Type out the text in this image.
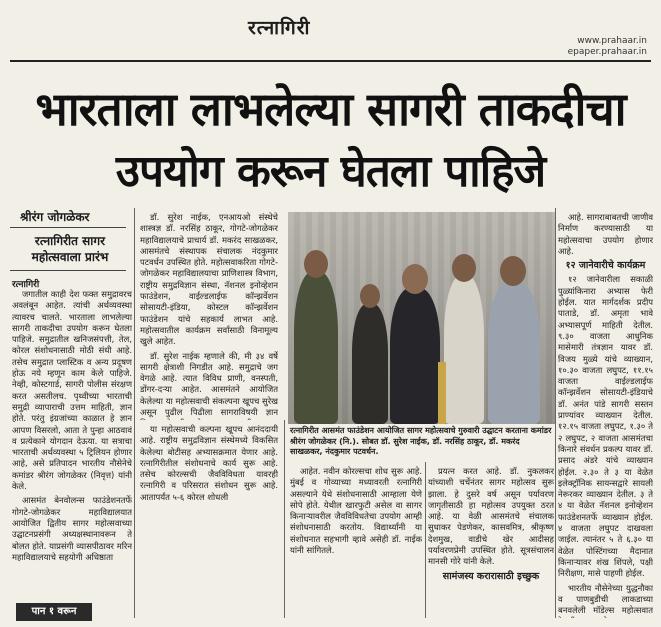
रत्नागिरी
www.prahaar.in
epaper.prahaar.in
भारताला लाभलेल्या सागरी ताकदीचा
उपयोग करून घेतला पाहिजे
श्रीरंग जोगळेकर
रत्नागिरीत सागर महोत्सवाला प्रारंभ
रत्नागिरी

जगातील काही देश फक्त समुद्रावरच अवलंबून आहेत. त्यांची अर्थव्यवस्था त्यावरच चालते. भारताला लाभलेल्या सागरी ताकदीचा उपयोग करून घेतला पाहिजे. समुद्रातील खनिजसंपत्ती, तेल, कोरल संशोधनासाठी मोठी संधी आहे. तसेच समुद्रात प्लास्टिक व अन्य प्रदूषण होऊ नये म्हणून काम केले पाहिजे. नेव्ही, कोस्टगार्ड, सागरी पोलीस संरक्षण करत असतीलच. पृथ्वीच्या भारताची समुद्री व्यापाराची उत्तम माहिती, ज्ञान होते. परंतु इंग्रजांच्या काळात हे ज्ञान आपण विसरलो, आता ते पुन्हा आठवावं व प्रत्येकाने योगदान देऊया. या सत्राचा भारताची अर्थव्यवस्था ५ ट्रिलियन होणार आहे, असे प्रतिपादन भारतीय नौसेनेचे कमांडर श्रीरंग जोगळेकर (निवृत्त) यांनी केले.

आसमंत बेनवोलन्स फाउंडेशनतर्फे गोगटे-जोगळेकर महाविद्यालयात आयोजित द्वितीय सागर महोत्सवाच्या उद्घाटनप्रसंगी अध्यक्षस्थानावरून ते बोलत होते. याप्रसंगी व्यासपीठावर मरिन महाविद्यालयाचे सहयोगी अधिष्ठाता

डॉ. सुरेश नाईक, एनआयओ संस्थेचे शास्त्रज्ञ डॉ. नरसिंह ठाकूर, गोगटे-जोगळेकर महाविद्यालयाचे प्राचार्य डॉ. मकरंद साखळकर, आसमंतचे संस्थापक संचालक नंदकुमार पटवर्धन उपस्थित होते. महोत्सवाकरिता गोगटे-जोगळेकर महाविद्यालयाचा प्राणिशास्त्र विभाग, राष्ट्रीय समुद्रविज्ञान संस्था, नॅशनल इनोव्हेशन फाउंडेशन, वाईल्डलाईफ कॉन्झर्वेशन सोसायटी-इंडिया, कोस्टल कॉन्झर्वेशन फाउंडेशन यांचे सहकार्य लाभत आहे. महोत्सवातील कार्यक्रम सर्वांसाठी विनामूल्य खुले आहेत.

डॉ. सुरेश नाईक म्हणाले की, मी ३४ वर्षे सागरी क्षेत्राशी निगडीत आहे. समुद्राचे जग वेगळे आहे. त्यात विविध प्राणी, वनस्पती, डोंगर-दऱ्या आहेत. आसमंतने आयोजित केलेल्या या महोत्सवाची संकल्पना खूपच सुरेख असून पुढील पिढीला सागराविषयी ज्ञान

या महोत्सवाची कल्पना खूपच आनंददायी आहे. राष्ट्रीय समुद्रविज्ञान संस्थेमध्ये विकसित केलेल्या बोटीसह अभ्यासक्रमात येणार आहे. रत्नागिरीतील संशोधनाचे कार्य सुरू आहे. तसेच कोरल्सची जैवविविधता यावरही रत्नागिरी व परिसरात संशोधन सुरू आहे. आतापर्यंत ५-६ कोरल शोधली

रत्नागिरीत आसमंत फाउंडेशन आयोजित सागर महोत्सवाचे गुरुवारी उद्घाटन करताना कमांडर श्रीरंग जोगळेकर (नि.). सोबत डॉ. सुरेश नाईक, डॉ. नरसिंह ठाकूर, डॉ. मकरंद साखळकर, नंदकुमार पटवर्धन.

आहेत. नवीन कोरल्सचा शोध सुरू आहे. मुंबई व गोव्याच्या मध्यावरती रत्नागिरी असल्याने येथे संशोधनासाठी आम्हाला येणे सोपे होते. येथील खारफुटी असेल वा सागर किनाऱ्यावरील जैवविविधतेचा उपयोग आम्ही संशोधनासाठी करतोय. विद्यार्थ्यांनी या संशोधनात सहभागी व्हावे असेही डॉ. नाईक यांनी सांगितले.

प्रयत्न करत आहे. डॉ. नुकलकर यांच्याशी चर्चेनंतर सागर महोत्सव सुरू झाला. हे दुसरे वर्ष असून पर्यावरण जागृतीसाठी हा महोत्सव उपयुक्त ठरत आहे. या वेळी आसमंतचे संचालक सुधाकर पेडणेकर, कासवमित्र, श्रीकृष्ण देशमुख, वाडीचे खेर आदीसह पर्यावरणप्रेमी उपस्थित होते. सूत्रसंचालन मानसी गोरे यांनी केले.

सामंजस्य करारासाठी इच्छुक

आहे. सागराबाबतची जाणीव निर्माण करण्यासाठी या महोत्सवाचा उपयोग होणार आहे.

१२ जानेवारीचे कार्यक्रम

१२ जानेवारीला सकाळी पुळ्यांकिनारा अभ्यास फेरी होईल. यात मार्गदर्शक प्रदीप पाताडे, डॉ. अमृता भावे अभ्यासपूर्ण माहिती देतील. ९.३० वाजता आधुनिक मासेमारी तंत्रज्ञान यावर डॉ. विजय मुळ्ये यांचे व्याख्यान, १०.३० वाजता लघुपट, ११.१५ वाजता वाईल्डलाईफ कॉन्झर्वेशन सोसायटी-इंडियाचे डॉ. अनंत पांडे सागरी सस्तन प्राण्यांवर व्याख्यान देतील. १२.१५ वाजता लघुपट, १.३० ते २ लघुपट, २ वाजता आसमंतचा किनारे संवर्धन प्रकल्प यावर डॉ. प्रसाद अंडरे यांचे व्याख्यान होईल. २.३० ते ३ या वेळेत इलेक्ट्रॉनिक सायन्सद्वारे सायली नेरूरकर व्याख्यान देतील. ३ ते ४ या वेळेत नॅशनल इनोव्हेशन फाउंडेशनतर्फे व्याख्यान होईल. ४ वाजता लघुपट दाखवला जाईल. त्यानंतर ५ ते ६.३० या वेळेत पोस्टिंगच्या मैदानात किनाऱ्यावर शंख शिंपले, पक्षी निरीक्षण, मासे पाहणी होईल.

भारतीय नौसेनेच्या युद्धनौका व पाणबुडीची लाकडाच्या बनवलेली मॉडेल्स महोत्सवात

पान १ वरून
